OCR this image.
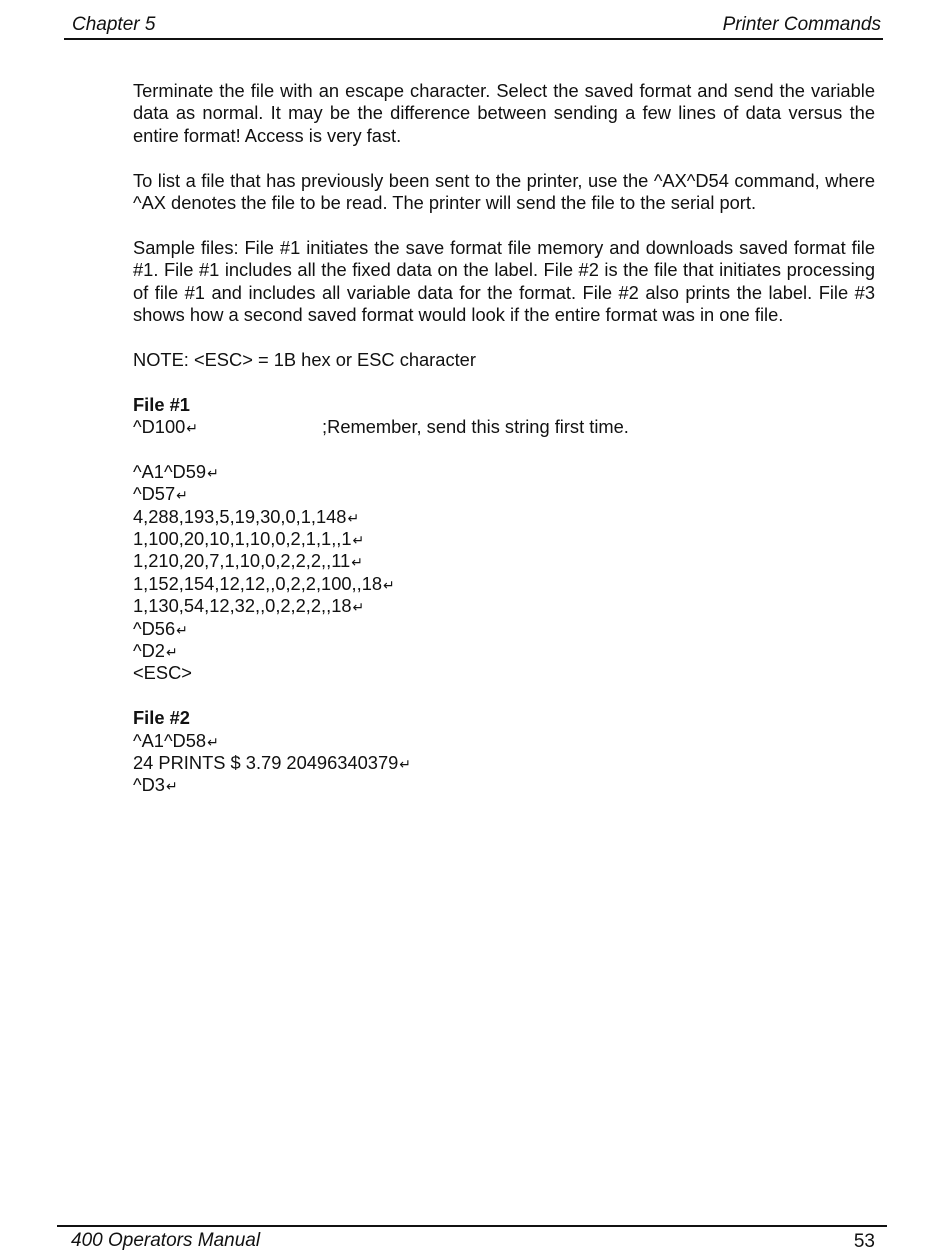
Chapter 5	Printer Commands

Terminate the file with an escape character. Select the saved format and send the variable data as normal. It may be the difference between sending a few lines of data versus the entire format! Access is very fast.

To list a file that has previously been sent to the printer, use the ^AX^D54 command, where ^AX denotes the file to be read. The printer will send the file to the serial port.

Sample files: File #1 initiates the save format file memory and downloads saved format file #1. File #1 includes all the fixed data on the label. File #2 is the file that initiates processing of file #1 and includes all variable data for the format. File #2 also prints the label. File #3 shows how a second saved format would look if the entire format was in one file.

NOTE: <ESC> = 1B hex or ESC character

File #1
^D100↵	;Remember, send this string first time.
^A1^D59↵
^D57↵
4,288,193,5,19,30,0,1,148↵
1,100,20,10,1,10,0,2,1,1,,1↵
1,210,20,7,1,10,0,2,2,2,,11↵
1,152,154,12,12,,0,2,2,100,,18↵
1,130,54,12,32,,0,2,2,2,,18↵
^D56↵
^D2↵
<ESC>
File #2
^A1^D58↵
24 PRINTS $ 3.79 20496340379↵
^D3↵
400 Operators Manual	53
